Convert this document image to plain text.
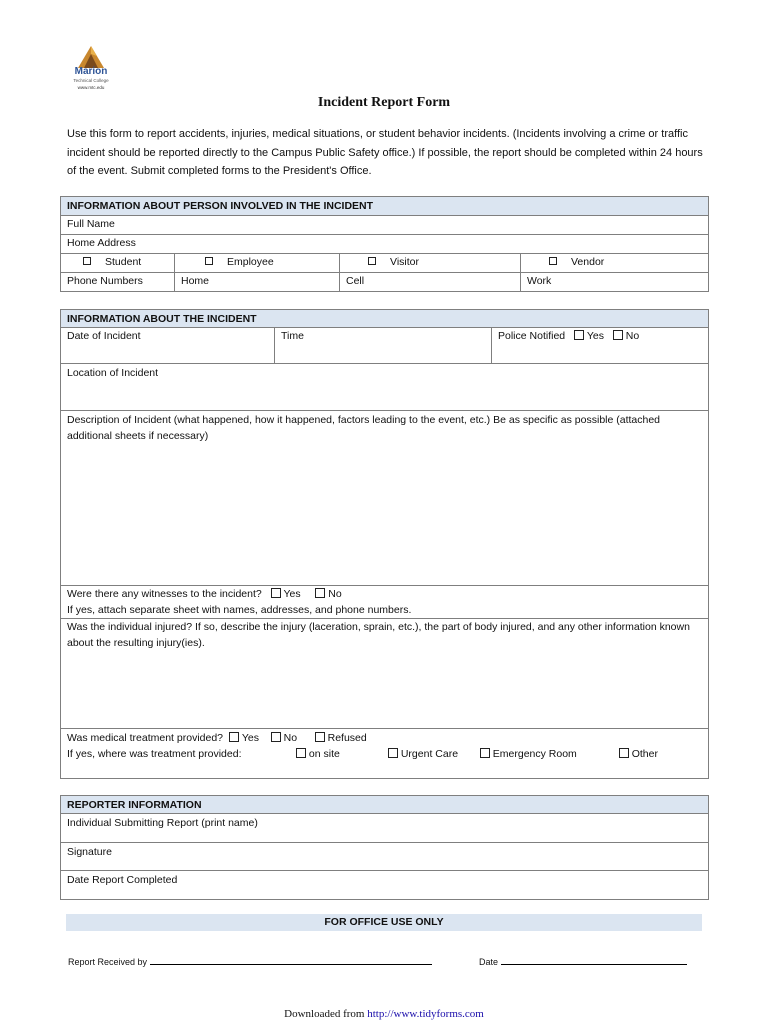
Marion
Technical College
www.mtc.edu
Incident Report Form
Use this form to report accidents, injuries, medical situations, or student behavior incidents. (Incidents involving a crime or traffic incident should be reported directly to the Campus Public Safety office.) If possible, the report should be completed within 24 hours of the event. Submit completed forms to the President's Office.
INFORMATION ABOUT PERSON INVOLVED IN THE INCIDENT			
Full Name			
Home Address			
Student	Employee	Visitor	Vendor
Phone Numbers	Home	Cell	Work
INFORMATION ABOUT THE INCIDENT
Date of Incident	Time	Police Notified Yes No
Location of Incident
Description of Incident (what happened, how it happened, factors leading to the event, etc.) Be as specific as possible (attached additional sheets if necessary)
Were there any witnesses to the incident? Yes	No
If yes, attach separate sheet with names, addresses, and phone numbers.
Was the individual injured? If so, describe the injury (laceration, sprain, etc.), the part of body injured, and any other information known about the resulting injury(ies).
Was medical treatment provided? Yes No	Refused
If yes, where was treatment provided:	on site	Urgent Care	Emergency Room	Other
REPORTER INFORMATION
Individual Submitting Report (print name)
Signature
Date Report Completed
FOR OFFICE USE ONLY
Report Received by	Date
Downloaded from http://www.tidyforms.com
